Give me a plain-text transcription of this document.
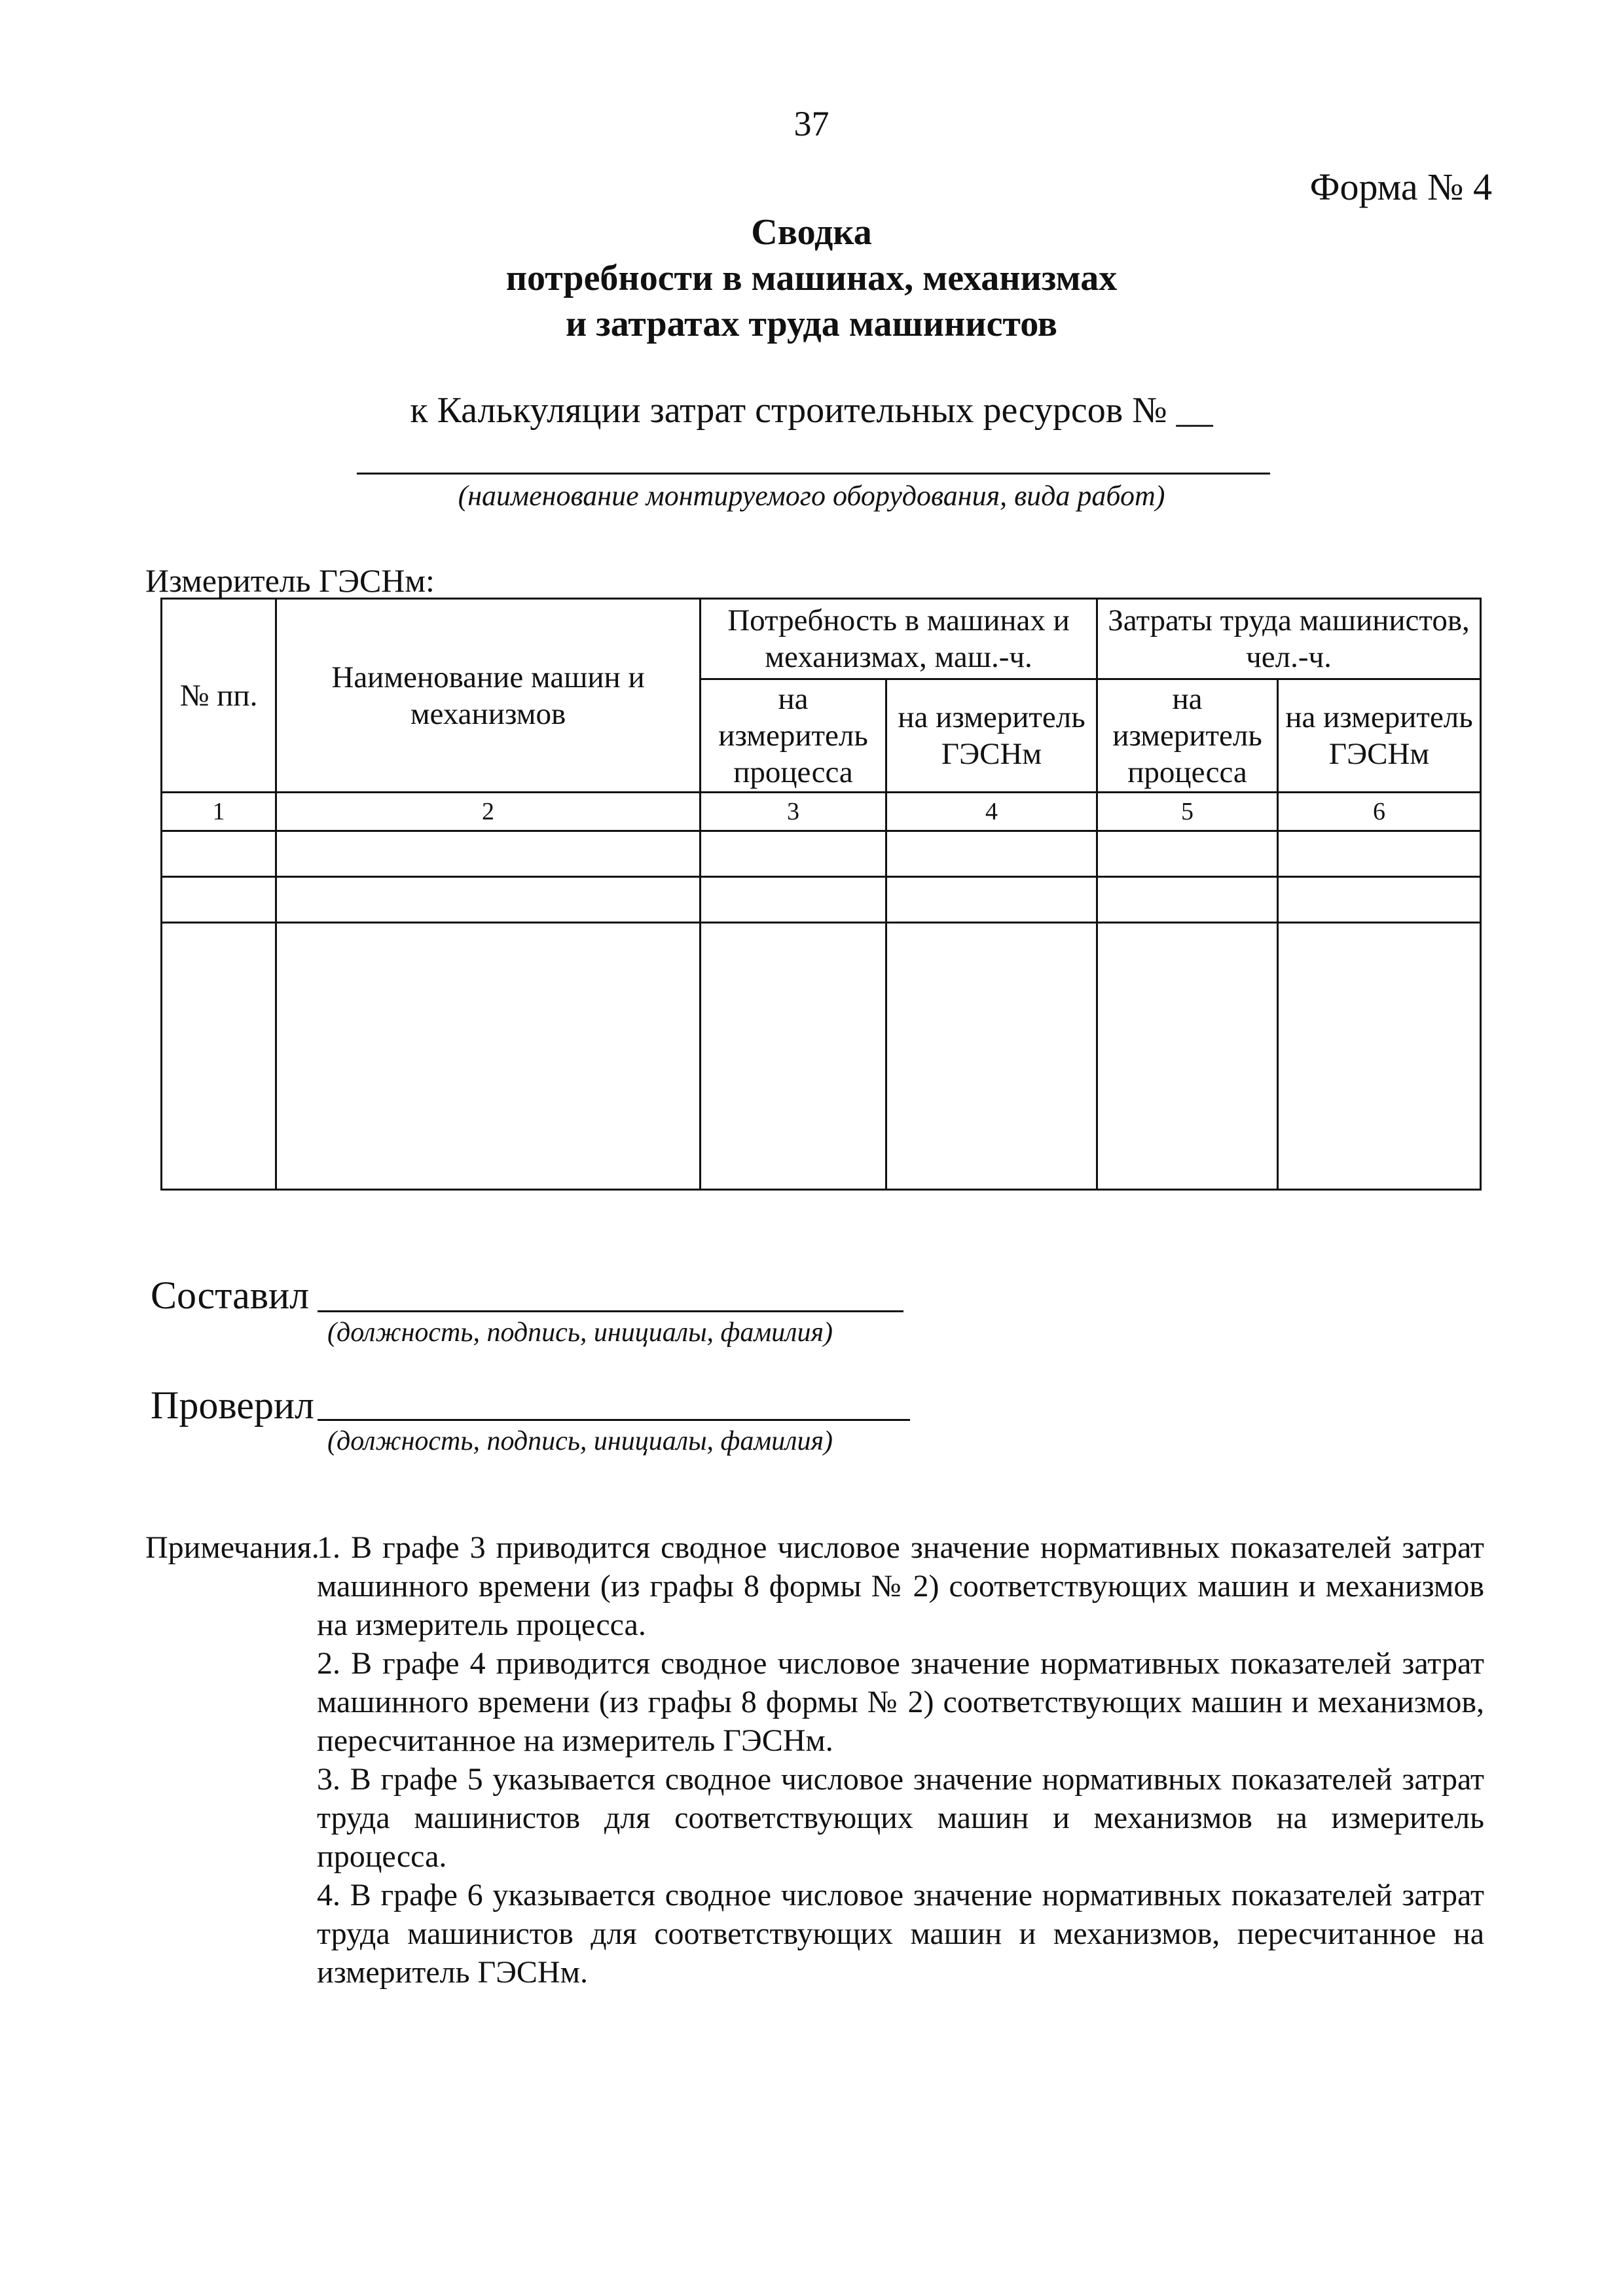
37
Форма № 4
Сводка
потребности в машинах, механизмах
и затратах труда машинистов
к Калькуляции затрат строительных ресурсов № __
(наименование монтируемого оборудования, вида работ)
Измеритель ГЭСНм:
№ пп.	Наименование машин и механизмов	Потребность в машинах и механизмах, маш.-ч.		Затраты труда машинистов, чел.-ч.	
		на измеритель процесса	на измеритель ГЭСНм	на измеритель процесса	на измеритель ГЭСНм
1	2	3	4	5	6

Составил
(должность, подпись, инициалы, фамилия)
Проверил
(должность, подпись, инициалы, фамилия)
Примечания.
1. В графе 3 приводится сводное числовое значение нормативных показателей затрат машинного времени (из графы 8 формы № 2) соответствующих машин и механизмов на измеритель процесса.
2. В графе 4 приводится сводное числовое значение нормативных показателей затрат машинного времени (из графы 8 формы № 2) соответствующих машин и механизмов, пересчитанное на измеритель ГЭСНм.
3. В графе 5 указывается сводное числовое значение нормативных показателей затрат труда машинистов для соответствующих машин и механизмов на измеритель процесса.
4. В графе 6 указывается сводное числовое значение нормативных показателей затрат труда машинистов для соответствующих машин и механизмов, пересчитанное на измеритель ГЭСНм.
